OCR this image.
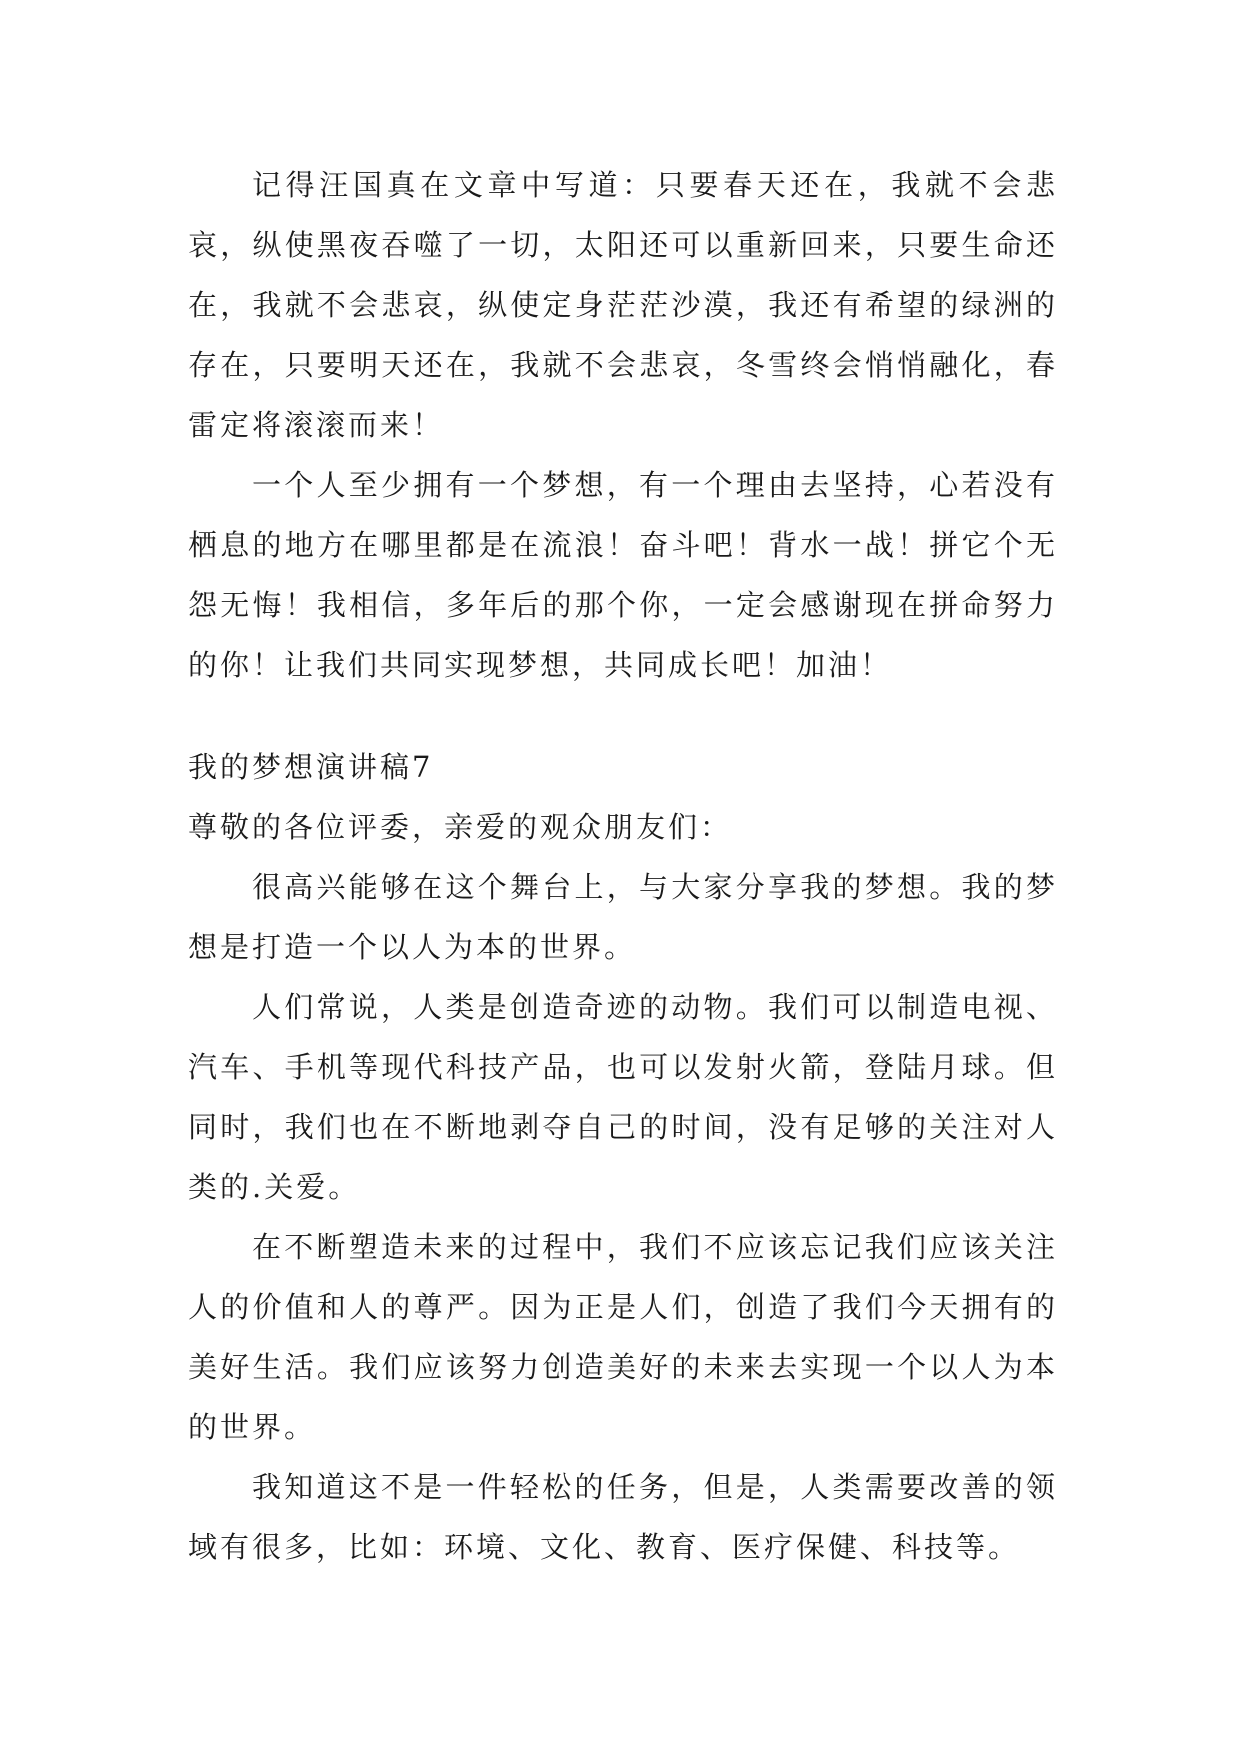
记得汪国真在文章中写道：只要春天还在，我就不会悲哀，纵使黑夜吞噬了一切，太阳还可以重新回来，只要生命还在，我就不会悲哀，纵使定身茫茫沙漠，我还有希望的绿洲的存在，只要明天还在，我就不会悲哀，冬雪终会悄悄融化，春雷定将滚滚而来！

一个人至少拥有一个梦想，有一个理由去坚持，心若没有栖息的地方在哪里都是在流浪！奋斗吧！背水一战！拼它个无怨无悔！我相信，多年后的那个你，一定会感谢现在拼命努力的你！让我们共同实现梦想，共同成长吧！加油！

我的梦想演讲稿7

尊敬的各位评委，亲爱的观众朋友们：

很高兴能够在这个舞台上，与大家分享我的梦想。我的梦想是打造一个以人为本的世界。

人们常说，人类是创造奇迹的动物。我们可以制造电视、汽车、手机等现代科技产品，也可以发射火箭，登陆月球。但同时，我们也在不断地剥夺自己的时间，没有足够的关注对人类的.关爱。

在不断塑造未来的过程中，我们不应该忘记我们应该关注人的价值和人的尊严。因为正是人们，创造了我们今天拥有的美好生活。我们应该努力创造美好的未来去实现一个以人为本的世界。

我知道这不是一件轻松的任务，但是，人类需要改善的领域有很多，比如：环境、文化、教育、医疗保健、科技等。
